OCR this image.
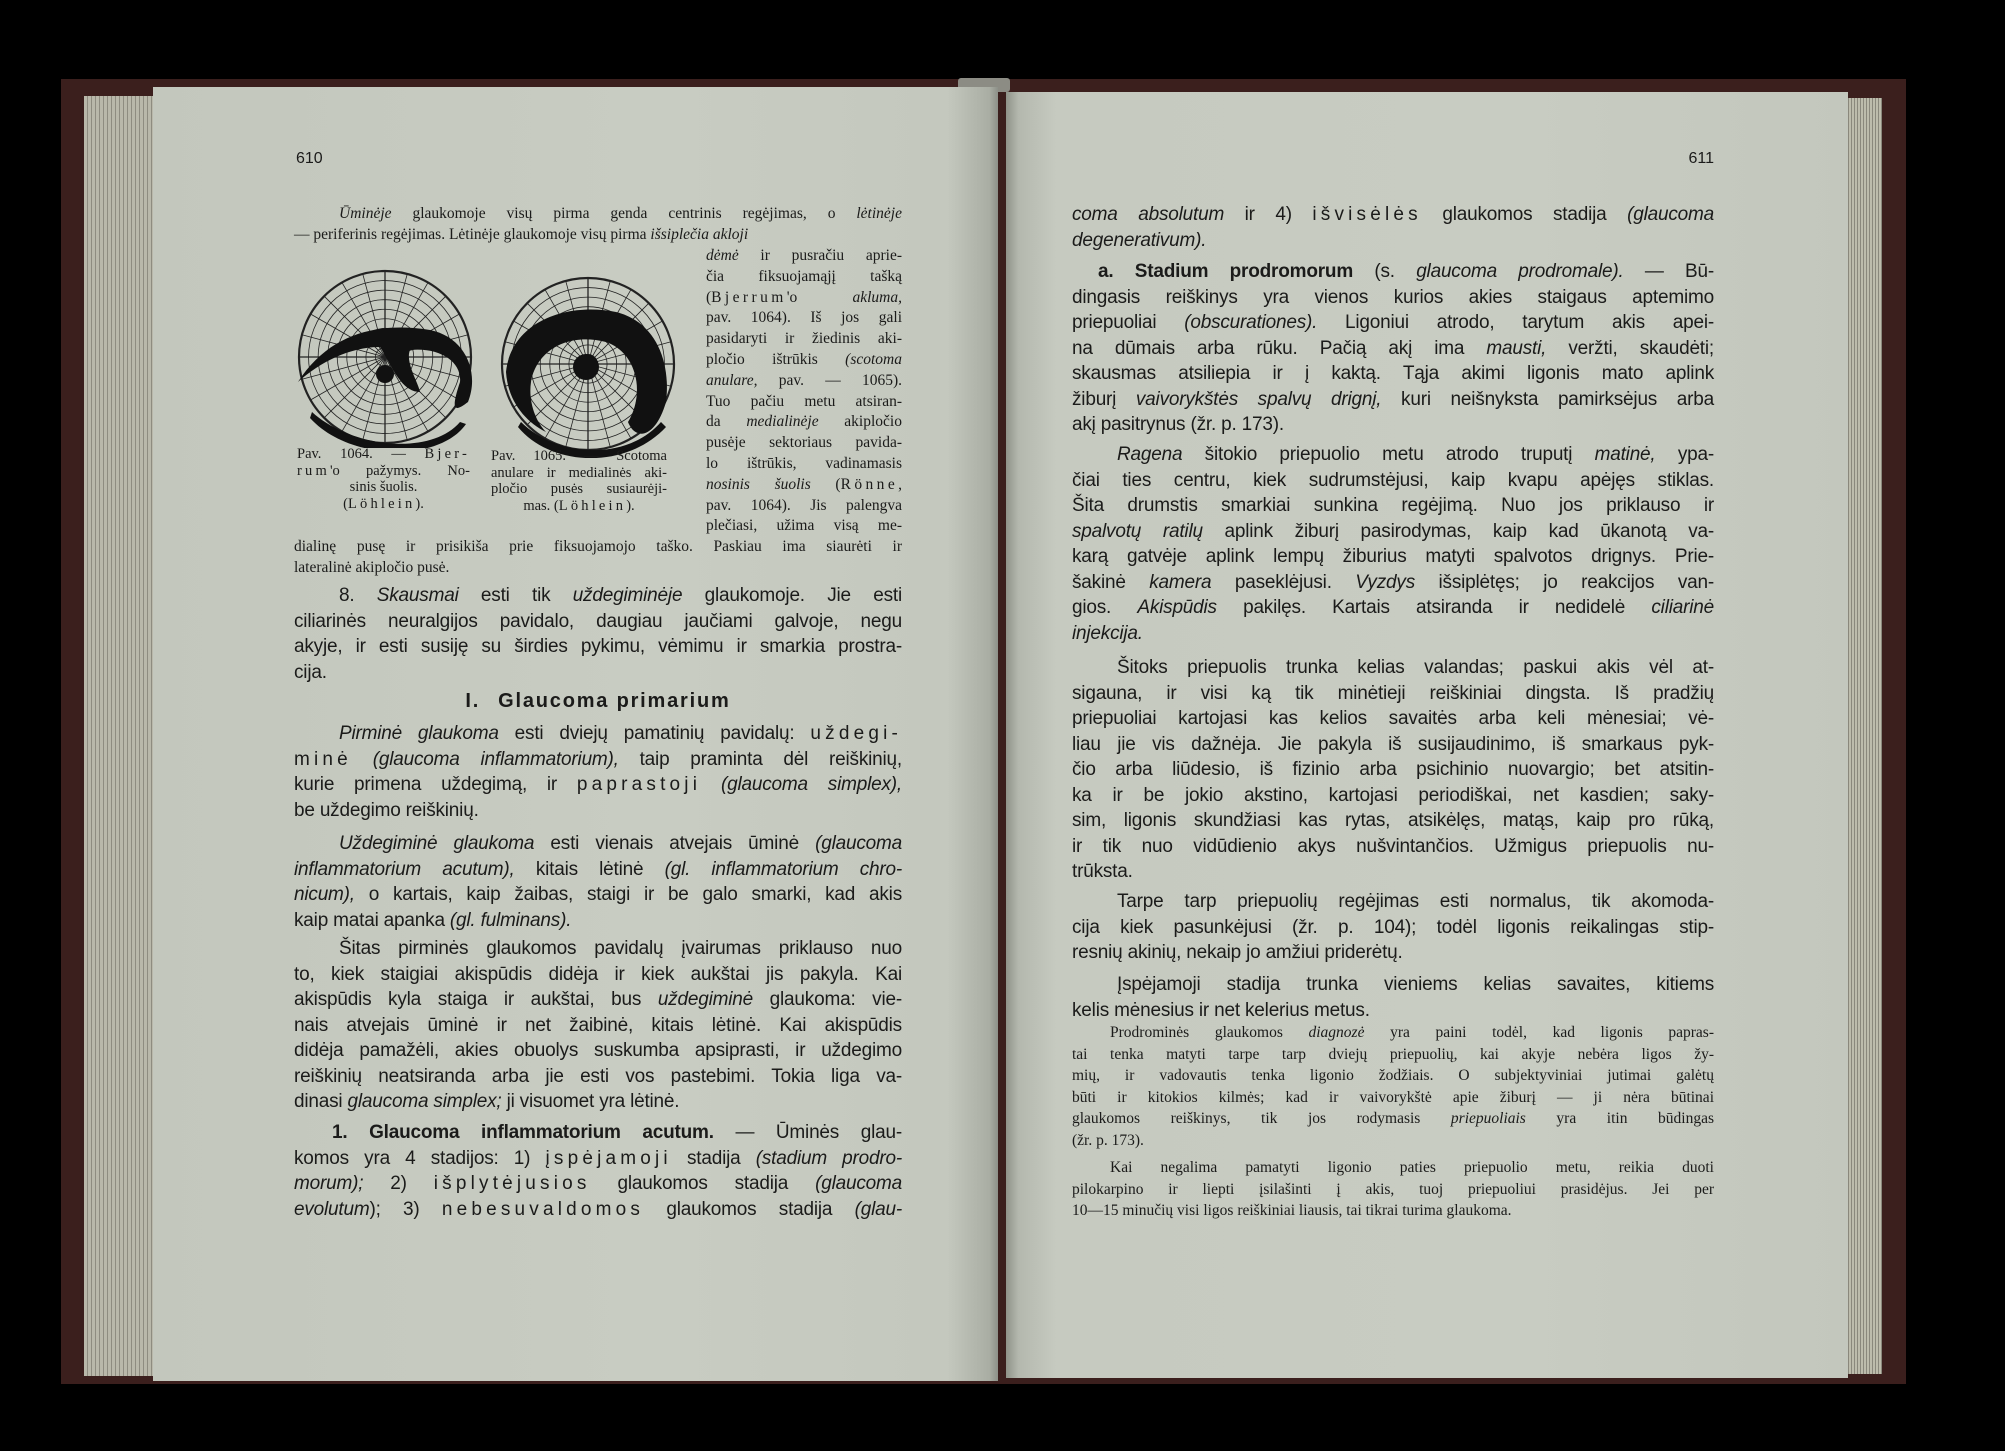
610
Ūminėje glaukomoje visų pirma genda centrinis regėjimas, o lėtinėje
— periferinis regėjimas. Lėtinėje glaukomoje visų pirma išsiplečia akloji
dėmė ir pusračiu aprie-
čia fiksuojamąjį tašką
(Bjerrum'o akluma,
pav. 1064). Iš jos gali
pasidaryti ir žiedinis aki-
pločio ištrūkis (scotoma
anulare, pav. — 1065).
Tuo pačiu metu atsiran-
da medialinėje akipločio
pusėje sektoriaus pavida-
lo ištrūkis, vadinamasis
nosinis šuolis (Rönne,
pav. 1064). Jis palengva
plečiasi, užima visą me-
dialinę pusę ir prisikiša prie fiksuojamojo taško. Paskiau ima siaurėti ir
lateralinė akipločio pusė.
Pav. 1064. — Bjer-
rum'o pažymys. No-
sinis šuolis.
(Löhlein).
Pav. 1065. — Scotoma
anulare ir medialinės aki-
pločio pusės susiaurėji-
mas. (Löhlein).
8. Skausmai esti tik uždegiminėje glaukomoje. Jie esti
ciliarinės neuralgijos pavidalo, daugiau jaučiami galvoje, negu
akyje, ir esti susiję su širdies pykimu, vėmimu ir smarkia prostra-
cija.
I. Glaucoma primarium
Pirminė glaukoma esti dviejų pamatinių pavidalų: uždegi-
minė (glaucoma inflammatorium), taip praminta dėl reiškinių,
kurie primena uždegimą, ir paprastoji (glaucoma simplex),
be uždegimo reiškinių.
Uždegiminė glaukoma esti vienais atvejais ūminė (glaucoma
inflammatorium acutum), kitais lėtinė (gl. inflammatorium chro-
nicum), o kartais, kaip žaibas, staigi ir be galo smarki, kad akis
kaip matai apanka (gl. fulminans).
Šitas pirminės glaukomos pavidalų įvairumas priklauso nuo
to, kiek staigiai akispūdis didėja ir kiek aukštai jis pakyla. Kai
akispūdis kyla staiga ir aukštai, bus uždegiminė glaukoma: vie-
nais atvejais ūminė ir net žaibinė, kitais lėtinė. Kai akispūdis
didėja pamažėli, akies obuolys suskumba apsiprasti, ir uždegimo
reiškinių neatsiranda arba jie esti vos pastebimi. Tokia liga va-
dinasi glaucoma simplex; ji visuomet yra lėtinė.
1. Glaucoma inflammatorium acutum. — Ūminės glau-
komos yra 4 stadijos: 1) įspėjamoji stadija (stadium prodro-
morum); 2) išplytėjusios glaukomos stadija (glaucoma
evolutum); 3) nebesuvaldomos glaukomos stadija (glau-
611
coma absolutum ir 4) išvisėlės glaukomos stadija (glaucoma
degenerativum).
a. Stadium prodromorum (s. glaucoma prodromale). — Bū-
dingasis reiškinys yra vienos kurios akies staigaus aptemimo
priepuoliai (obscurationes). Ligoniui atrodo, tarytum akis apei-
na dūmais arba rūku. Pačią akį ima mausti, veržti, skaudėti;
skausmas atsiliepia ir į kaktą. Tąja akimi ligonis mato aplink
žiburį vaivorykštės spalvų drignį, kuri neišnyksta pamirksėjus arba
akį pasitrynus (žr. p. 173).
Ragena šitokio priepuolio metu atrodo truputį matinė, ypa-
čiai ties centru, kiek sudrumstėjusi, kaip kvapu apėjęs stiklas.
Šita drumstis smarkiai sunkina regėjimą. Nuo jos priklauso ir
spalvotų ratilų aplink žiburį pasirodymas, kaip kad ūkanotą va-
karą gatvėje aplink lempų žiburius matyti spalvotos drignys. Prie-
šakinė kamera paseklėjusi. Vyzdys išsiplėtęs; jo reakcijos van-
gios. Akispūdis pakilęs. Kartais atsiranda ir nedidelė ciliarinė
injekcija.
Šitoks priepuolis trunka kelias valandas; paskui akis vėl at-
sigauna, ir visi ką tik minėtieji reiškiniai dingsta. Iš pradžių
priepuoliai kartojasi kas kelios savaitės arba keli mėnesiai; vė-
liau jie vis dažnėja. Jie pakyla iš susijaudinimo, iš smarkaus pyk-
čio arba liūdesio, iš fizinio arba psichinio nuovargio; bet atsitin-
ka ir be jokio akstino, kartojasi periodiškai, net kasdien; saky-
sim, ligonis skundžiasi kas rytas, atsikėlęs, matąs, kaip pro rūką,
ir tik nuo vidūdienio akys nušvintančios. Užmigus priepuolis nu-
trūksta.
Tarpe tarp priepuolių regėjimas esti normalus, tik akomoda-
cija kiek pasunkėjusi (žr. p. 104); todėl ligonis reikalingas stip-
resnių akinių, nekaip jo amžiui priderėtų.
Įspėjamoji stadija trunka vieniems kelias savaites, kitiems
kelis mėnesius ir net kelerius metus.
Prodrominės glaukomos diagnozė yra paini todėl, kad ligonis papras-
tai tenka matyti tarpe tarp dviejų priepuolių, kai akyje nebėra ligos žy-
mių, ir vadovautis tenka ligonio žodžiais. O subjektyviniai jutimai galėtų
būti ir kitokios kilmės; kad ir vaivorykštė apie žiburį — ji nėra būtinai
glaukomos reiškinys, tik jos rodymasis priepuoliais yra itin būdingas
(žr. p. 173).
Kai negalima pamatyti ligonio paties priepuolio metu, reikia duoti
pilokarpino ir liepti įsilašinti į akis, tuoj priepuoliui prasidėjus. Jei per
10—15 minučių visi ligos reiškiniai liausis, tai tikrai turima glaukoma.
